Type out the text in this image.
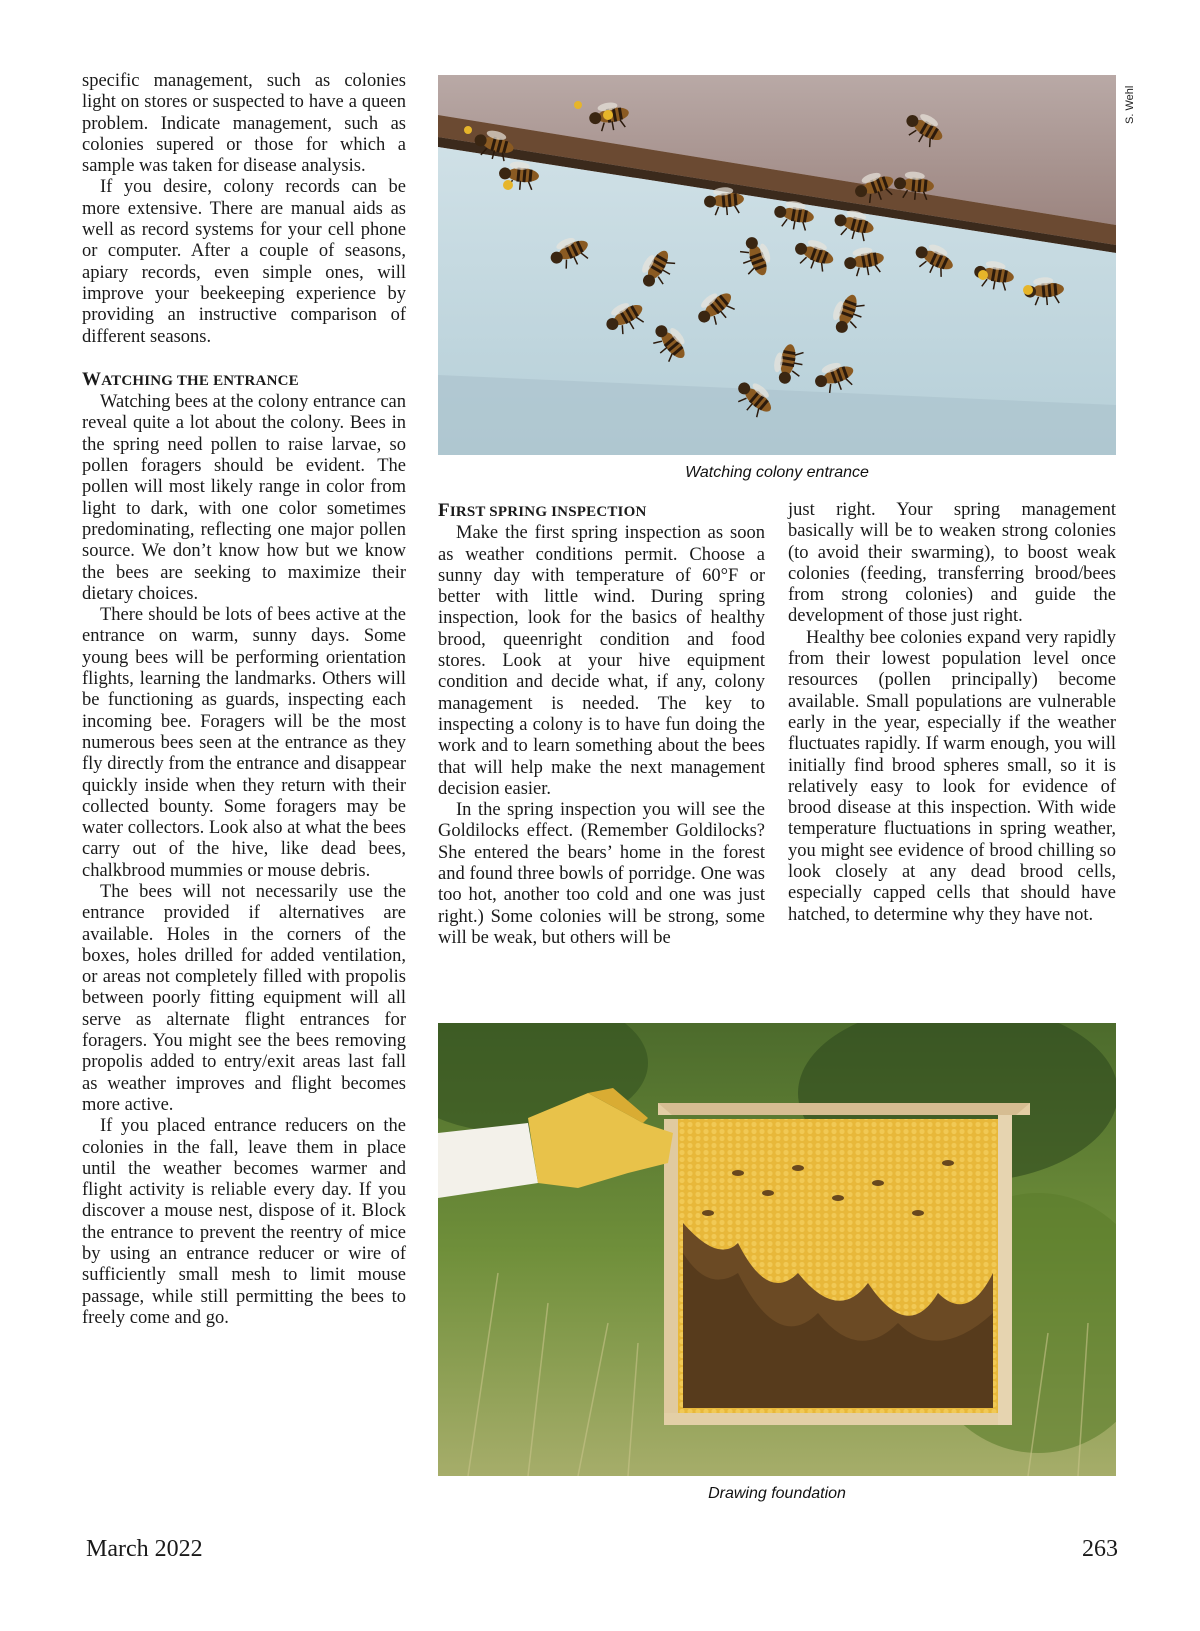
specific management, such as colonies light on stores or suspected to have a queen problem. Indicate management, such as colonies supered or those for which a sample was taken for disease analysis.

If you desire, colony records can be more extensive. There are manual aids as well as record systems for your cell phone or computer. After a couple of seasons, apiary records, even simple ones, will improve your beekeeping experience by providing an instructive comparison of different seasons.

WATCHING THE ENTRANCE

Watching bees at the colony entrance can reveal quite a lot about the colony. Bees in the spring need pollen to raise larvae, so pollen foragers should be evident. The pollen will most likely range in color from light to dark, with one color sometimes predominating, reflecting one major pollen source. We don’t know how but we know the bees are seeking to maximize their dietary choices.

There should be lots of bees active at the entrance on warm, sunny days. Some young bees will be performing orientation flights, learning the landmarks. Others will be functioning as guards, inspecting each incoming bee. Foragers will be the most numerous bees seen at the entrance as they fly directly from the entrance and disappear quickly inside when they return with their collected bounty. Some foragers may be water collectors. Look also at what the bees carry out of the hive, like dead bees, chalkbrood mummies or mouse debris.

The bees will not necessarily use the entrance provided if alternatives are available. Holes in the corners of the boxes, holes drilled for added ventilation, or areas not completely filled with propolis between poorly fitting equipment will all serve as alternate flight entrances for foragers. You might see the bees removing propolis added to entry/exit areas last fall as weather improves and flight becomes more active.

If you placed entrance reducers on the colonies in the fall, leave them in place until the weather becomes warmer and flight activity is reliable every day. If you discover a mouse nest, dispose of it. Block the entrance to prevent the reentry of mice by using an entrance reducer or wire of sufficiently small mesh to limit mouse passage, while still permitting the bees to freely come and go.

S. Wehl
Watching colony entrance

FIRST SPRING INSPECTION

Make the first spring inspection as soon as weather conditions permit. Choose a sunny day with temperature of 60°F or better with little wind. During spring inspection, look for the basics of healthy brood, queenright condition and food stores. Look at your hive equipment condition and decide what, if any, colony management is needed. The key to inspecting a colony is to have fun doing the work and to learn something about the bees that will help make the next management decision easier.

In the spring inspection you will see the Goldilocks effect. (Remember Goldilocks? She entered the bears’ home in the forest and found three bowls of porridge. One was too hot, another too cold and one was just right.) Some colonies will be strong, some will be weak, but others will be

just right. Your spring management basically will be to weaken strong colonies (to avoid their swarming), to boost weak colonies (feeding, transferring brood/bees from strong colonies) and guide the development of those just right.

Healthy bee colonies expand very rapidly from their lowest population level once resources (pollen principally) become available. Small populations are vulnerable early in the year, especially if the weather fluctuates rapidly. If warm enough, you will initially find brood spheres small, so it is relatively easy to look for evidence of brood disease at this inspection. With wide temperature fluctuations in spring weather, you might see evidence of brood chilling so look closely at any dead brood cells, especially capped cells that should have hatched, to determine why they have not.

Drawing foundation
March 2022	263
